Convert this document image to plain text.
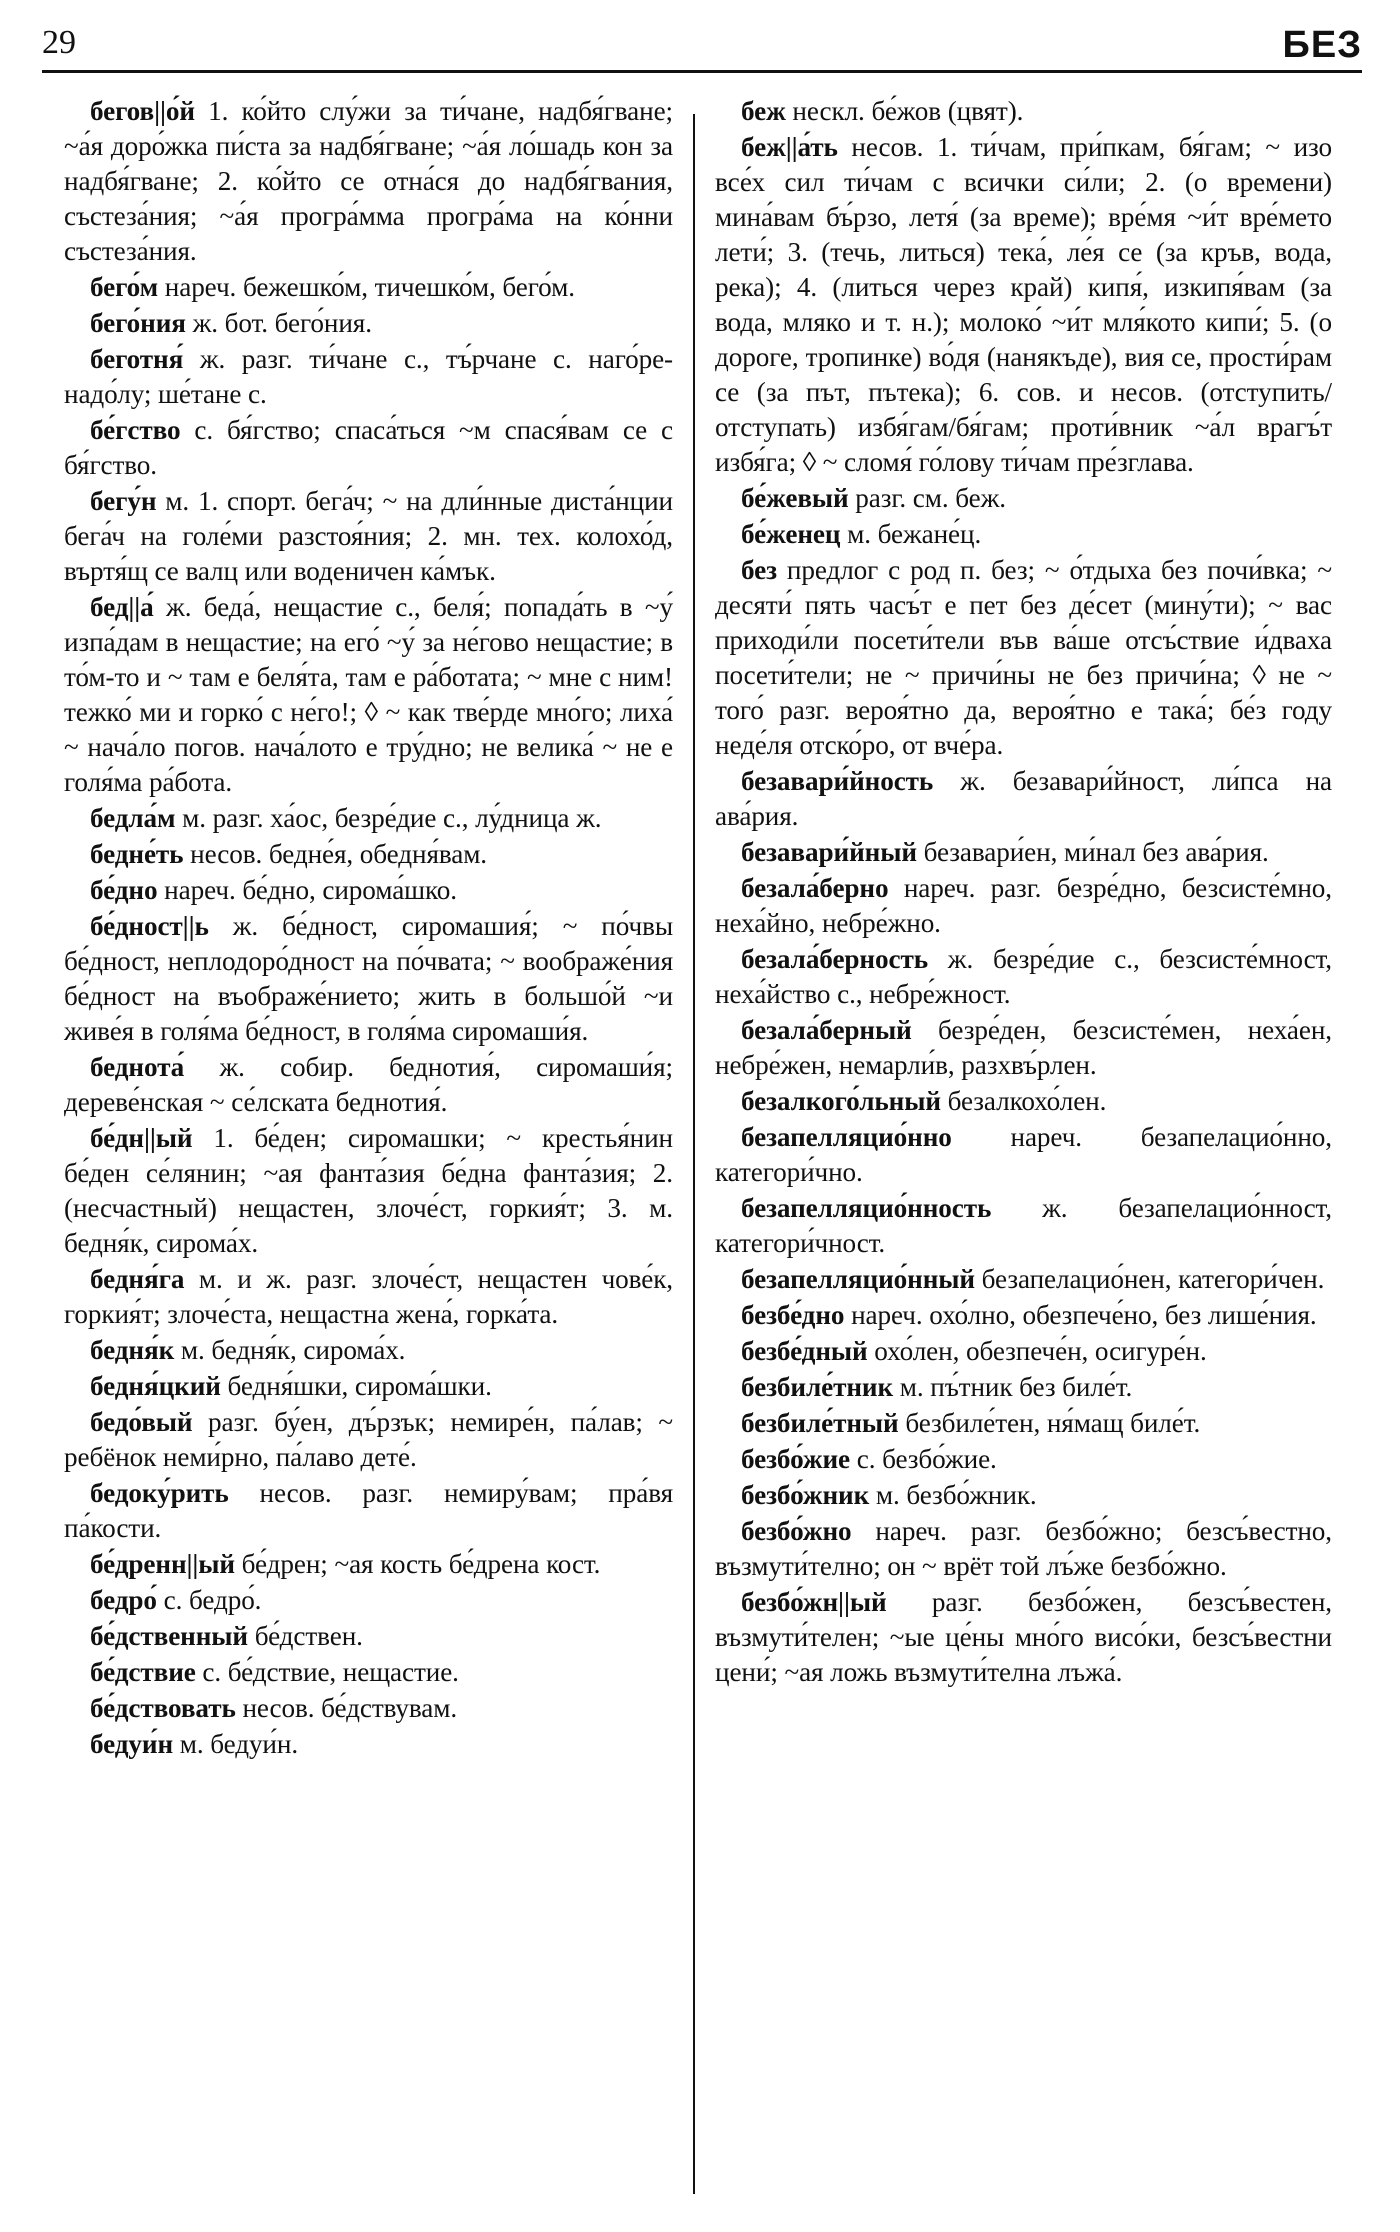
29	БЕЗ

бегов||о́й 1. ко́йто слу́жи за ти́чане, надбя́гване; ~а́я доро́жка пи́ста за надбя́гване; ~а́я ло́шадь кон за надбя́гване; 2. ко́йто се отна́ся до надбя́гвания, състеза́ния; ~а́я програ́мма програ́ма на ко́нни състеза́ния.

бего́м нареч. бежешко́м, тичешко́м, бего́м.

бего́ния ж. бот. бего́ния.

беготня́ ж. разг. ти́чане с., тъ́рчане с. наго́ре-надо́лу; ше́тане с.

бе́гство с. бя́гство; спаса́ться ~м спася́вам се с бя́гство.

бегу́н м. 1. спорт. бега́ч; ~ на дли́нные диста́нции бега́ч на голе́ми разстоя́ния; 2. мн. тех. колохо́д, въртя́щ се валц или воденичен ка́мък.

бед||а́ ж. беда́, нещастие с., беля́; попада́ть в ~у́ изпа́дам в нещастие; на его́ ~у́ за не́гово нещастие; в то́м-то и ~ там е беля́та, там е ра́ботата; ~ мне с ним! тежко́ ми и горко́ с не́го!; ◊ ~ как тве́рде мно́го; лиха́ ~ нача́ло погов. нача́лото е тру́дно; не велика́ ~ не е голя́ма ра́бота.

бедла́м м. разг. ха́ос, безре́дие с., лу́дница ж.

бедне́ть несов. бедне́я, обедня́вам.

бе́дно нареч. бе́дно, сирома́шко.

бе́дност||ь ж. бе́дност, сиромашия́; ~ по́чвы бе́дност, неплодоро́дност на по́чвата; ~ воображе́ния бе́дност на въображе́нието; жить в большо́й ~и живе́я в голя́ма бе́дност, в голя́ма сиромаши́я.

беднота́ ж. собир. беднотия́, сиромаши́я; дереве́нская ~ се́лската беднотия́.

бе́дн||ый 1. бе́ден; сиромашки; ~ крестья́нин бе́ден се́лянин; ~ая фанта́зия бе́дна фанта́зия; 2. (несчастный) нещастен, злоче́ст, горкия́т; 3. м. бедня́к, сирома́х.

бедня́га м. и ж. разг. злоче́ст, нещастен чове́к, горкия́т; злоче́ста, нещастна жена́, горка́та.

бедня́к м. бедня́к, сирома́х.

бедня́цкий бедня́шки, сирома́шки.

бедо́вый разг. бу́ен, дъ́рзък; немире́н, па́лав; ~ ребёнок неми́рно, па́лаво дете́.

бедоку́рить несов. разг. немиру́вам; пра́вя па́кости.

бе́дренн||ый бе́дрен; ~ая кость бе́дрена кост.

бедро́ с. бедро́.

бе́дственный бе́дствен.

бе́дствие с. бе́дствие, нещастие.

бе́дствовать несов. бе́дствувам.

бедуи́н м. бедуи́н.

беж нескл. бе́жов (цвят).

беж||а́ть несов. 1. ти́чам, при́пкам, бя́гам; ~ изо все́х сил ти́чам с всички си́ли; 2. (о времени) мина́вам бъ́рзо, летя́ (за време); вре́мя ~и́т вре́мето лети́; 3. (течь, литься) тека́, ле́я се (за кръв, вода, река); 4. (литься через край) кипя́, изкипя́вам (за вода, мляко и т. н.); молоко́ ~и́т мля́кото кипи́; 5. (о дороге, тропинке) во́дя (нанякъде), вия се, прости́рам се (за път, пътека); 6. сов. и несов. (отступить/отступать) избя́гам/бя́гам; проти́вник ~а́л врагъ́т избя́га; ◊ ~ сломя́ го́лову ти́чам пре́зглава.

бе́жевый разг. см. беж.

бе́женец м. бежане́ц.

без предлог с род п. без; ~ о́тдыха без почи́вка; ~ десяти́ пять часъ́т е пет без де́сет (мину́ти); ~ вас приходи́ли посети́тели във ва́ше отсъ́ствие и́дваха посети́тели; не ~ причи́ны не без причи́на; ◊ не ~ того́ разг. вероя́тно да, вероя́тно е така́; бе́з году неде́ля отско́ро, от вче́ра.

безавари́йность ж. безавари́йност, ли́пса на ава́рия.

безавари́йный безавари́ен, ми́нал без ава́рия.

безала́берно нареч. разг. безре́дно, безсисте́мно, неха́йно, небре́жно.

безала́берность ж. безре́дие с., безсисте́мност, неха́йство с., небре́жност.

безала́берный безре́ден, безсисте́мен, неха́ен, небре́жен, немарли́в, разхвъ́рлен.

безалкого́льный безалкохо́лен.

безапелляцио́нно нареч. безапелацио́нно, категори́чно.

безапелляцио́нность ж. безапелацио́нност, категори́чност.

безапелляцио́нный безапелацио́нен, категори́чен.

безбе́дно нареч. охо́лно, обезпече́но, без лише́ния.

безбе́дный охо́лен, обезпече́н, осигуре́н.

безбиле́тник м. пъ́тник без биле́т.

безбиле́тный безбиле́тен, ня́мащ биле́т.

безбо́жие с. безбо́жие.

безбо́жник м. безбо́жник.

безбо́жно нареч. разг. безбо́жно; безсъ́вестно, възмути́телно; он ~ врёт той лъ́же безбо́жно.

безбо́жн||ый разг. безбо́жен, безсъ́вестен, възмути́телен; ~ые це́ны мно́го висо́ки, безсъ́вестни цени́; ~ая ложь възмути́телна лъжа́.
